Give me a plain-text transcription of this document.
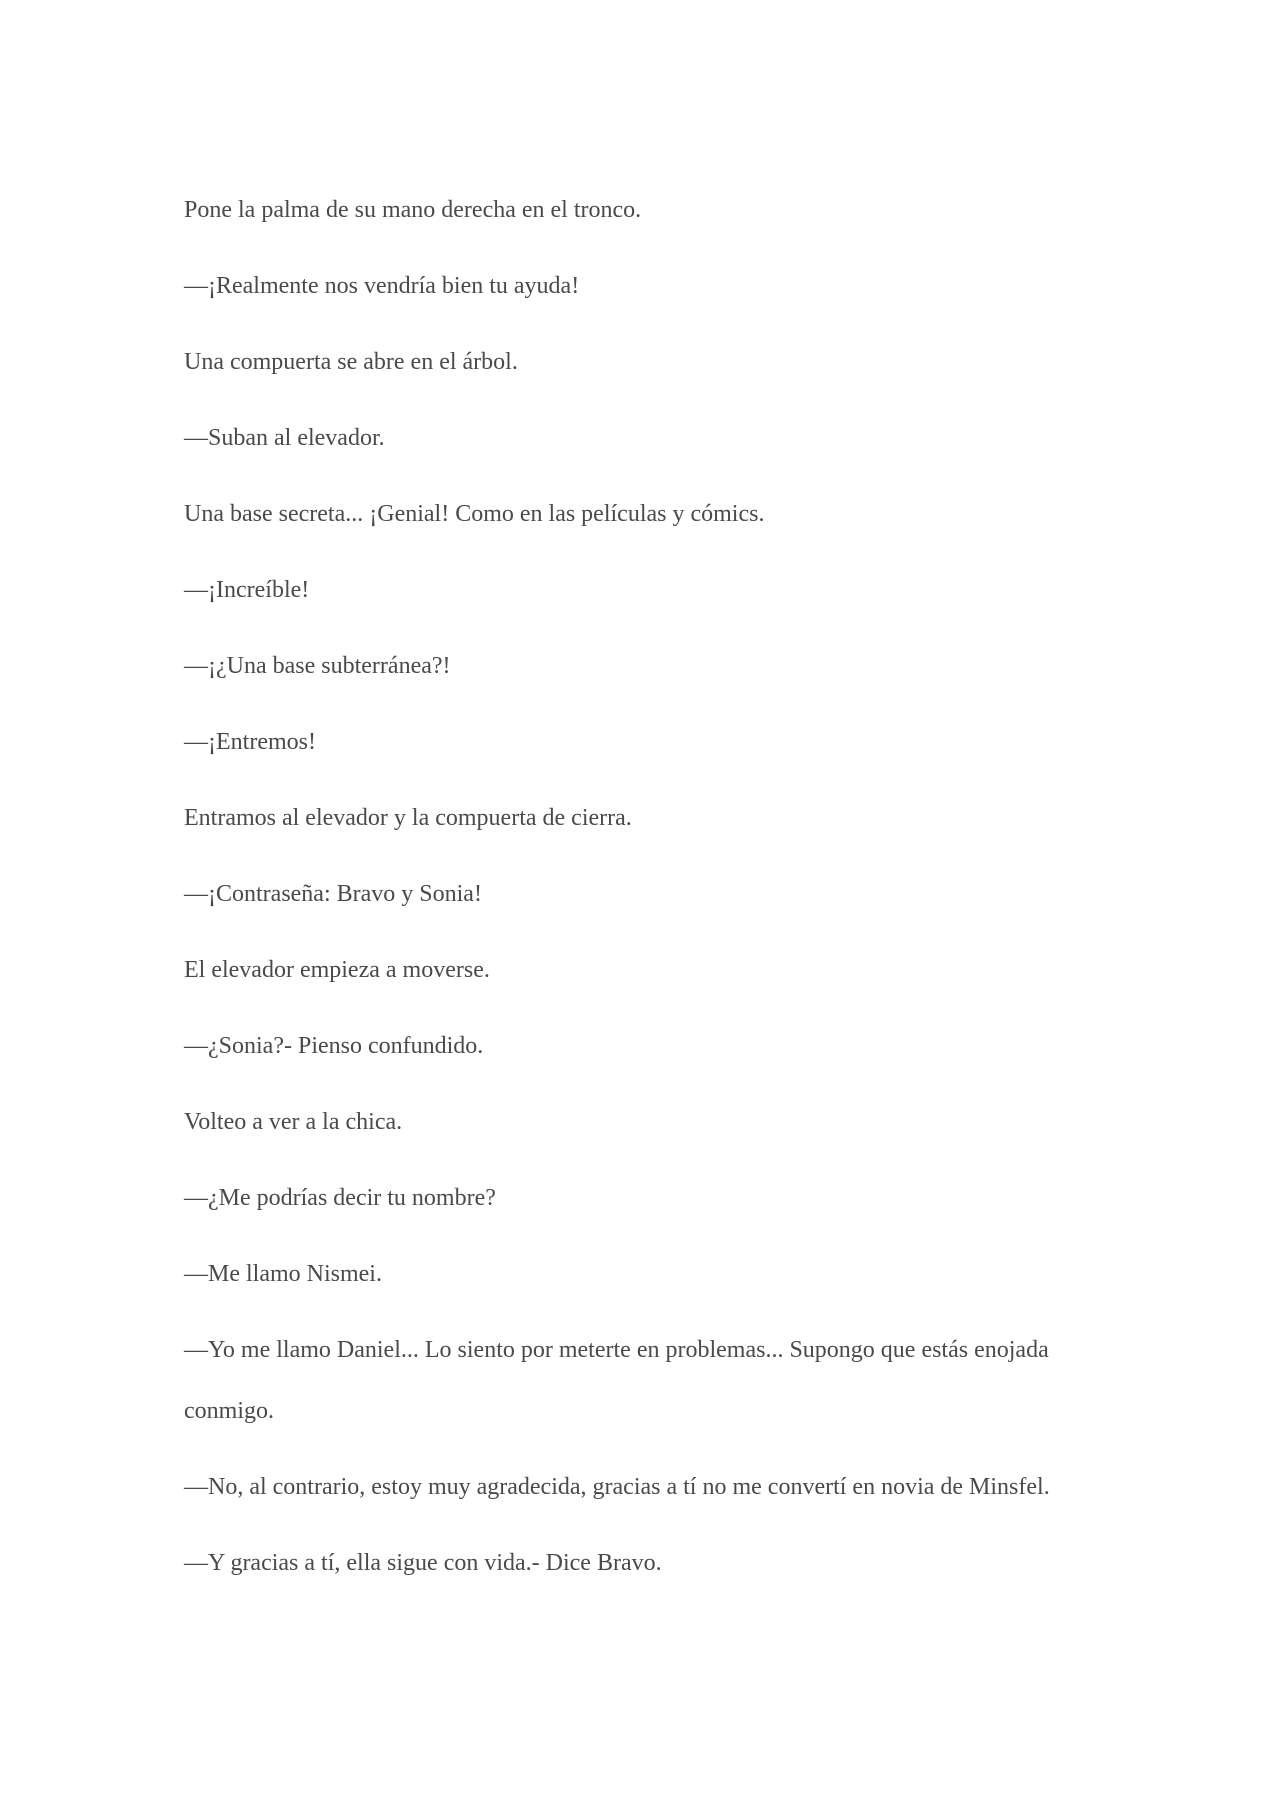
Pone la palma de su mano derecha en el tronco.

—¡Realmente nos vendría bien tu ayuda!

Una compuerta se abre en el árbol.

—Suban al elevador.

Una base secreta... ¡Genial! Como en las películas y cómics.

—¡Increíble!

—¡¿Una base subterránea?!

—¡Entremos!

Entramos al elevador y la compuerta de cierra.

—¡Contraseña: Bravo y Sonia!

El elevador empieza a moverse.

—¿Sonia?- Pienso confundido.

Volteo a ver a la chica.

—¿Me podrías decir tu nombre?

—Me llamo Nismei.

—Yo me llamo Daniel... Lo siento por meterte en problemas... Supongo que estás enojada conmigo.

—No, al contrario, estoy muy agradecida, gracias a tí no me convertí en novia de Minsfel.

—Y gracias a tí, ella sigue con vida.- Dice Bravo.
